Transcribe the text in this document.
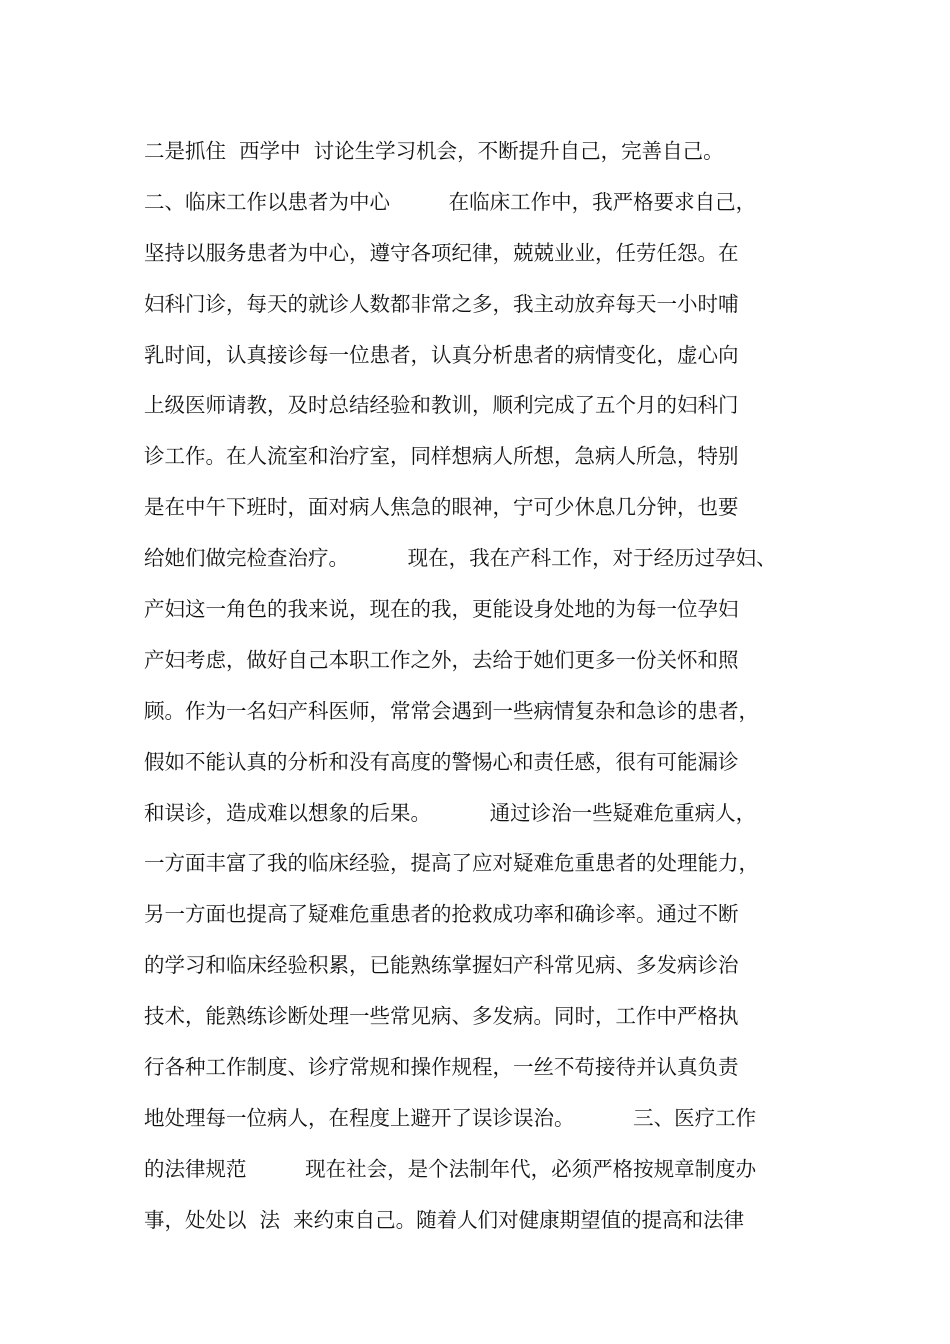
二是抓住  西学中  讨论生学习机会，不断提升自己，完善自己。
二、临床工作以患者为中心         在临床工作中，我严格要求自己，
坚持以服务患者为中心，遵守各项纪律，兢兢业业，任劳任怨。在
妇科门诊，每天的就诊人数都非常之多，我主动放弃每天一小时哺
乳时间，认真接诊每一位患者，认真分析患者的病情变化，虚心向
上级医师请教，及时总结经验和教训，顺利完成了五个月的妇科门
诊工作。在人流室和治疗室，同样想病人所想，急病人所急，特别
是在中午下班时，面对病人焦急的眼神，宁可少休息几分钟，也要
给她们做完检查治疗。         现在，我在产科工作，对于经历过孕妇、
产妇这一角色的我来说，现在的我，更能设身处地的为每一位孕妇
产妇考虑，做好自己本职工作之外，去给于她们更多一份关怀和照
顾。作为一名妇产科医师，常常会遇到一些病情复杂和急诊的患者，
假如不能认真的分析和没有高度的警惕心和责任感，很有可能漏诊
和误诊，造成难以想象的后果。         通过诊治一些疑难危重病人，
一方面丰富了我的临床经验，提高了应对疑难危重患者的处理能力，
另一方面也提高了疑难危重患者的抢救成功率和确诊率。通过不断
的学习和临床经验积累，已能熟练掌握妇产科常见病、多发病诊治
技术，能熟练诊断处理一些常见病、多发病。同时，工作中严格执
行各种工作制度、诊疗常规和操作规程，一丝不苟接待并认真负责
地处理每一位病人，在程度上避开了误诊误治。         三、医疗工作
的法律规范         现在社会，是个法制年代，必须严格按规章制度办
事，处处以  法  来约束自己。随着人们对健康期望值的提高和法律
